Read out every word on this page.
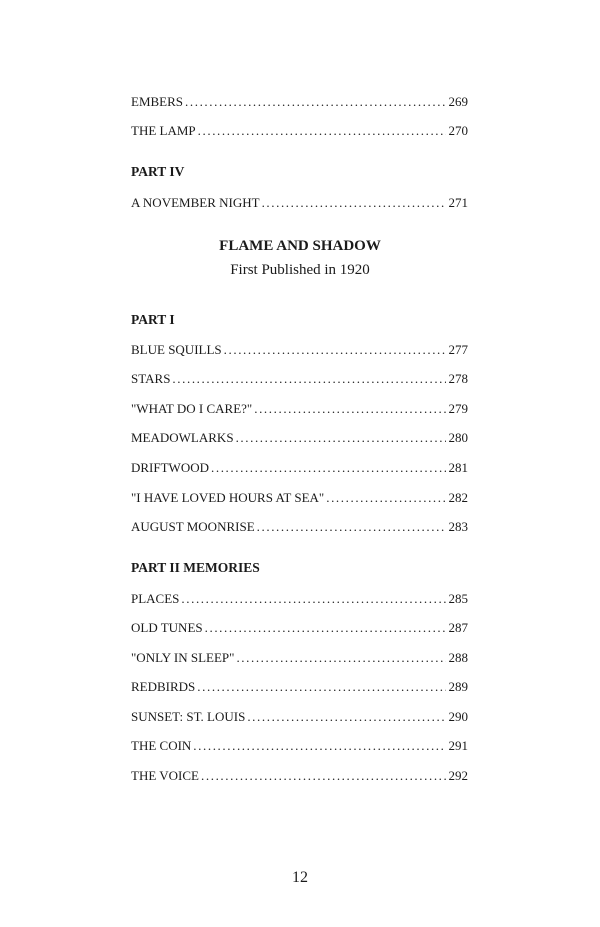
EMBERS .....	269
THE LAMP .....	270
PART IV
A NOVEMBER NIGHT .....	271
FLAME AND SHADOW
First Published in 1920
PART I
BLUE SQUILLS .....	277
STARS .....	278
"WHAT DO I CARE?" .....	279
MEADOWLARKS .....	280
DRIFTWOOD .....	281
"I HAVE LOVED HOURS AT SEA" .....	282
AUGUST MOONRISE .....	283
PART II MEMORIES
PLACES .....	285
OLD TUNES .....	287
"ONLY IN SLEEP" .....	288
REDBIRDS .....	289
SUNSET: ST. LOUIS .....	290
THE COIN .....	291
THE VOICE .....	292
12
